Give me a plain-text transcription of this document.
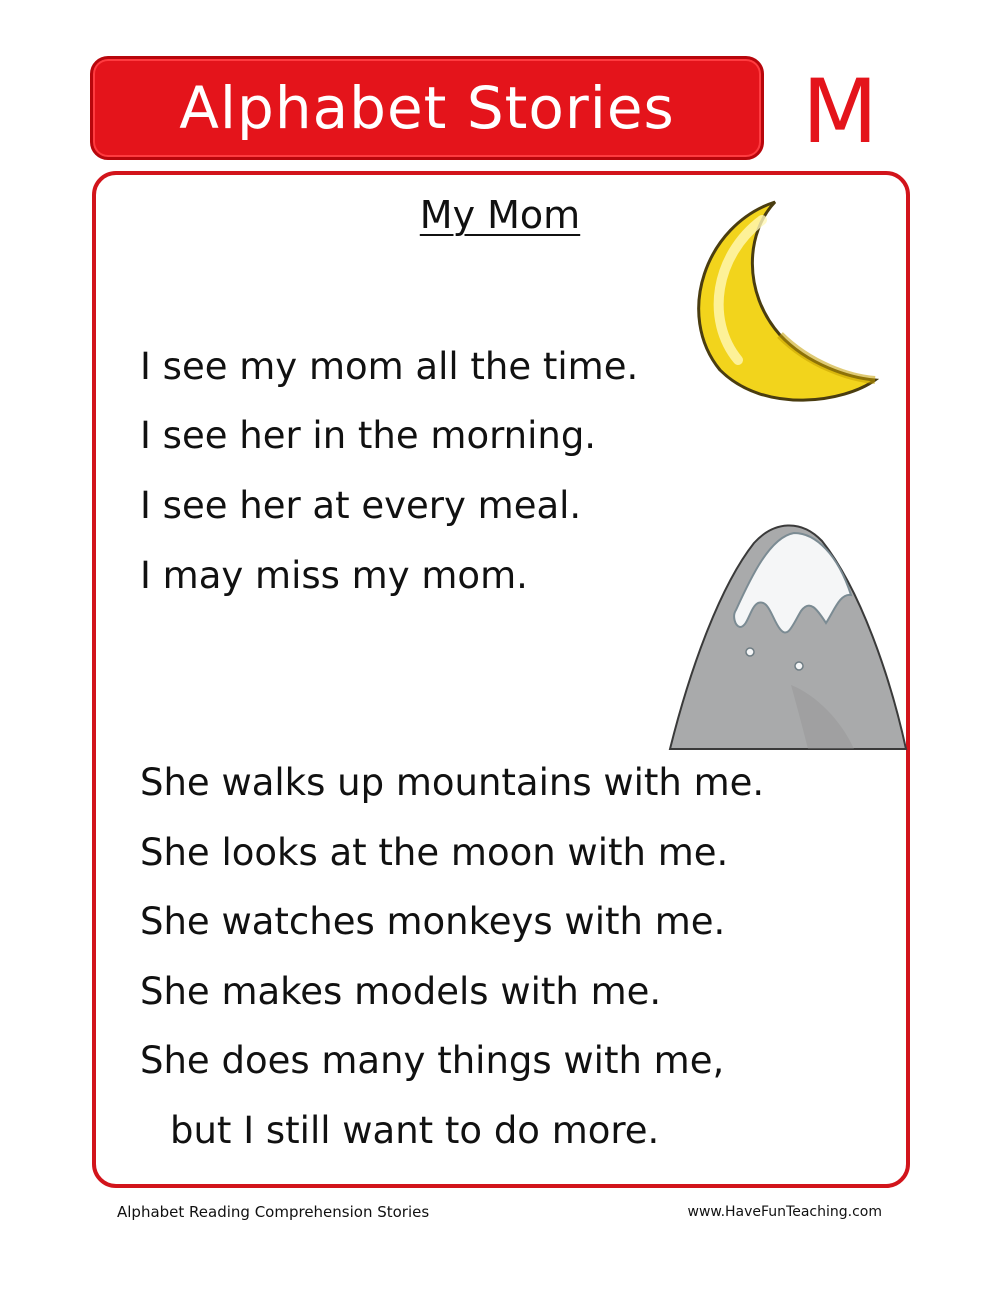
Alphabet Stories	M
My Mom
I see my mom all the time.
I see her in the morning.
I see her at every meal.
I may miss my mom.
She walks up mountains with me.
She looks at the moon with me.
She watches monkeys with me.
She makes models with me.
She does many things with me,
but I still want to do more.
Alphabet Reading Comprehension Stories	www.HaveFunTeaching.com
